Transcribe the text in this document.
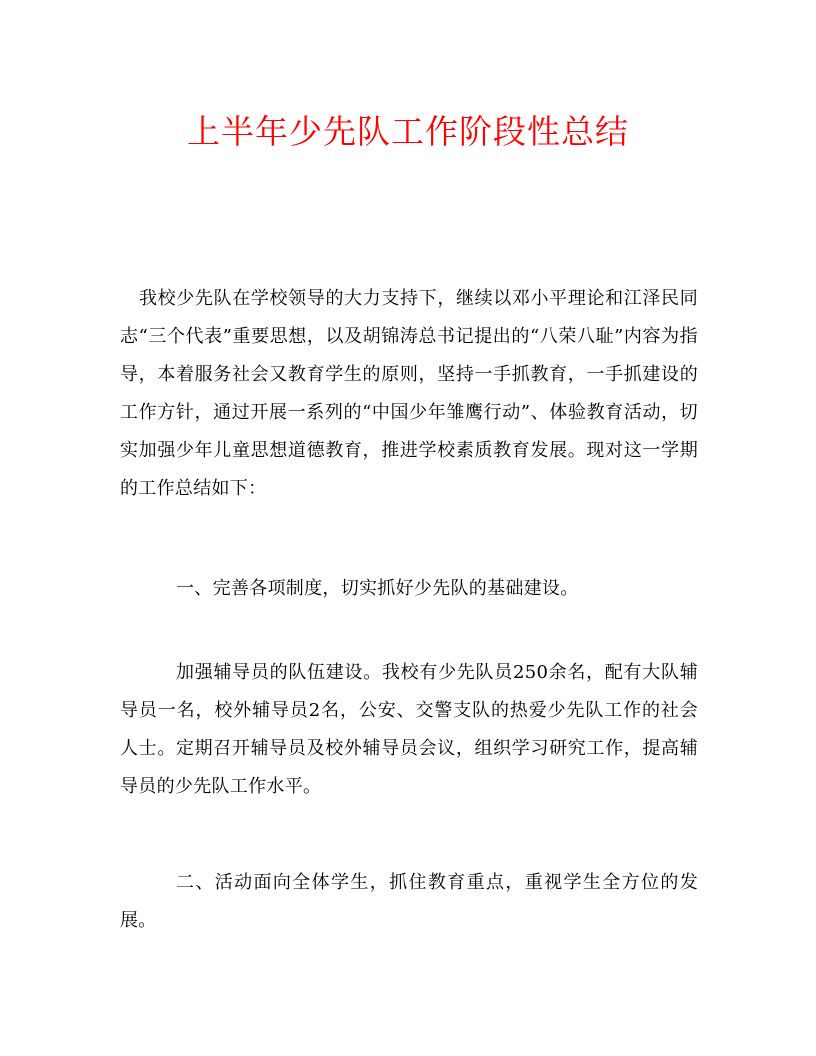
上半年少先队工作阶段性总结

我校少先队在学校领导的大力支持下，继续以邓小平理论和江泽民同志“三个代表”重要思想，以及胡锦涛总书记提出的“八荣八耻”内容为指导，本着服务社会又教育学生的原则，坚持一手抓教育，一手抓建设的工作方针，通过开展一系列的“中国少年雏鹰行动”、体验教育活动，切实加强少年儿童思想道德教育，推进学校素质教育发展。现对这一学期的工作总结如下：

一、完善各项制度，切实抓好少先队的基础建设。

加强辅导员的队伍建设。我校有少先队员250余名，配有大队辅导员一名，校外辅导员2名，公安、交警支队的热爱少先队工作的社会人士。定期召开辅导员及校外辅导员会议，组织学习研究工作，提高辅导员的少先队工作水平。

二、活动面向全体学生，抓住教育重点，重视学生全方位的发展。
